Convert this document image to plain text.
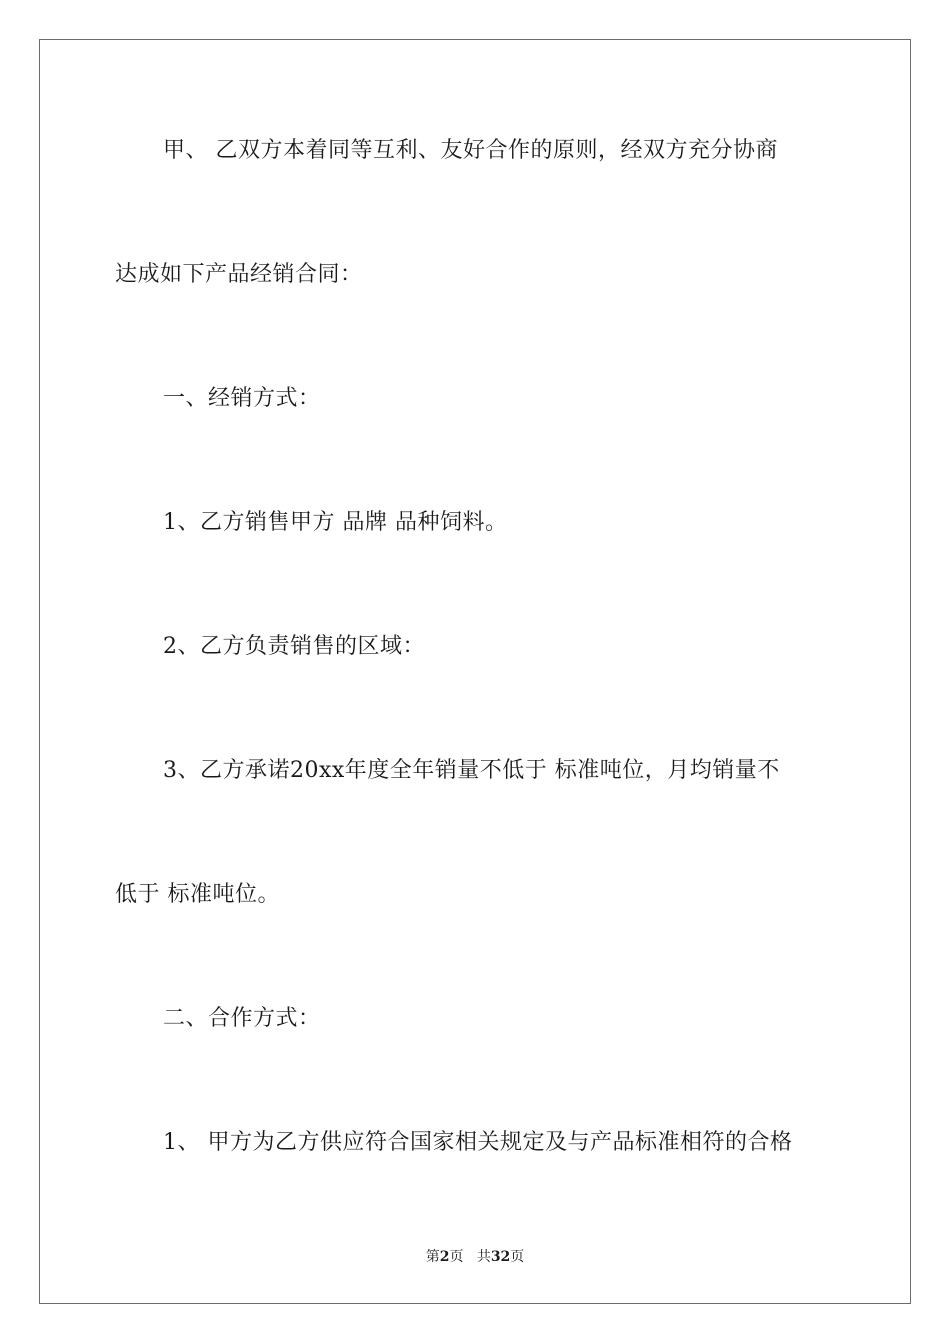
甲、 乙双方本着同等互利、友好合作的原则，经双方充分协商
达成如下产品经销合同：
一、经销方式：
1、乙方销售甲方 品牌 品种饲料。
2、乙方负责销售的区域：
3、乙方承诺20xx年度全年销量不低于 标准吨位，月均销量不
低于 标准吨位。
二、合作方式：
1、 甲方为乙方供应符合国家相关规定及与产品标准相符的合格
第2页 共32页
